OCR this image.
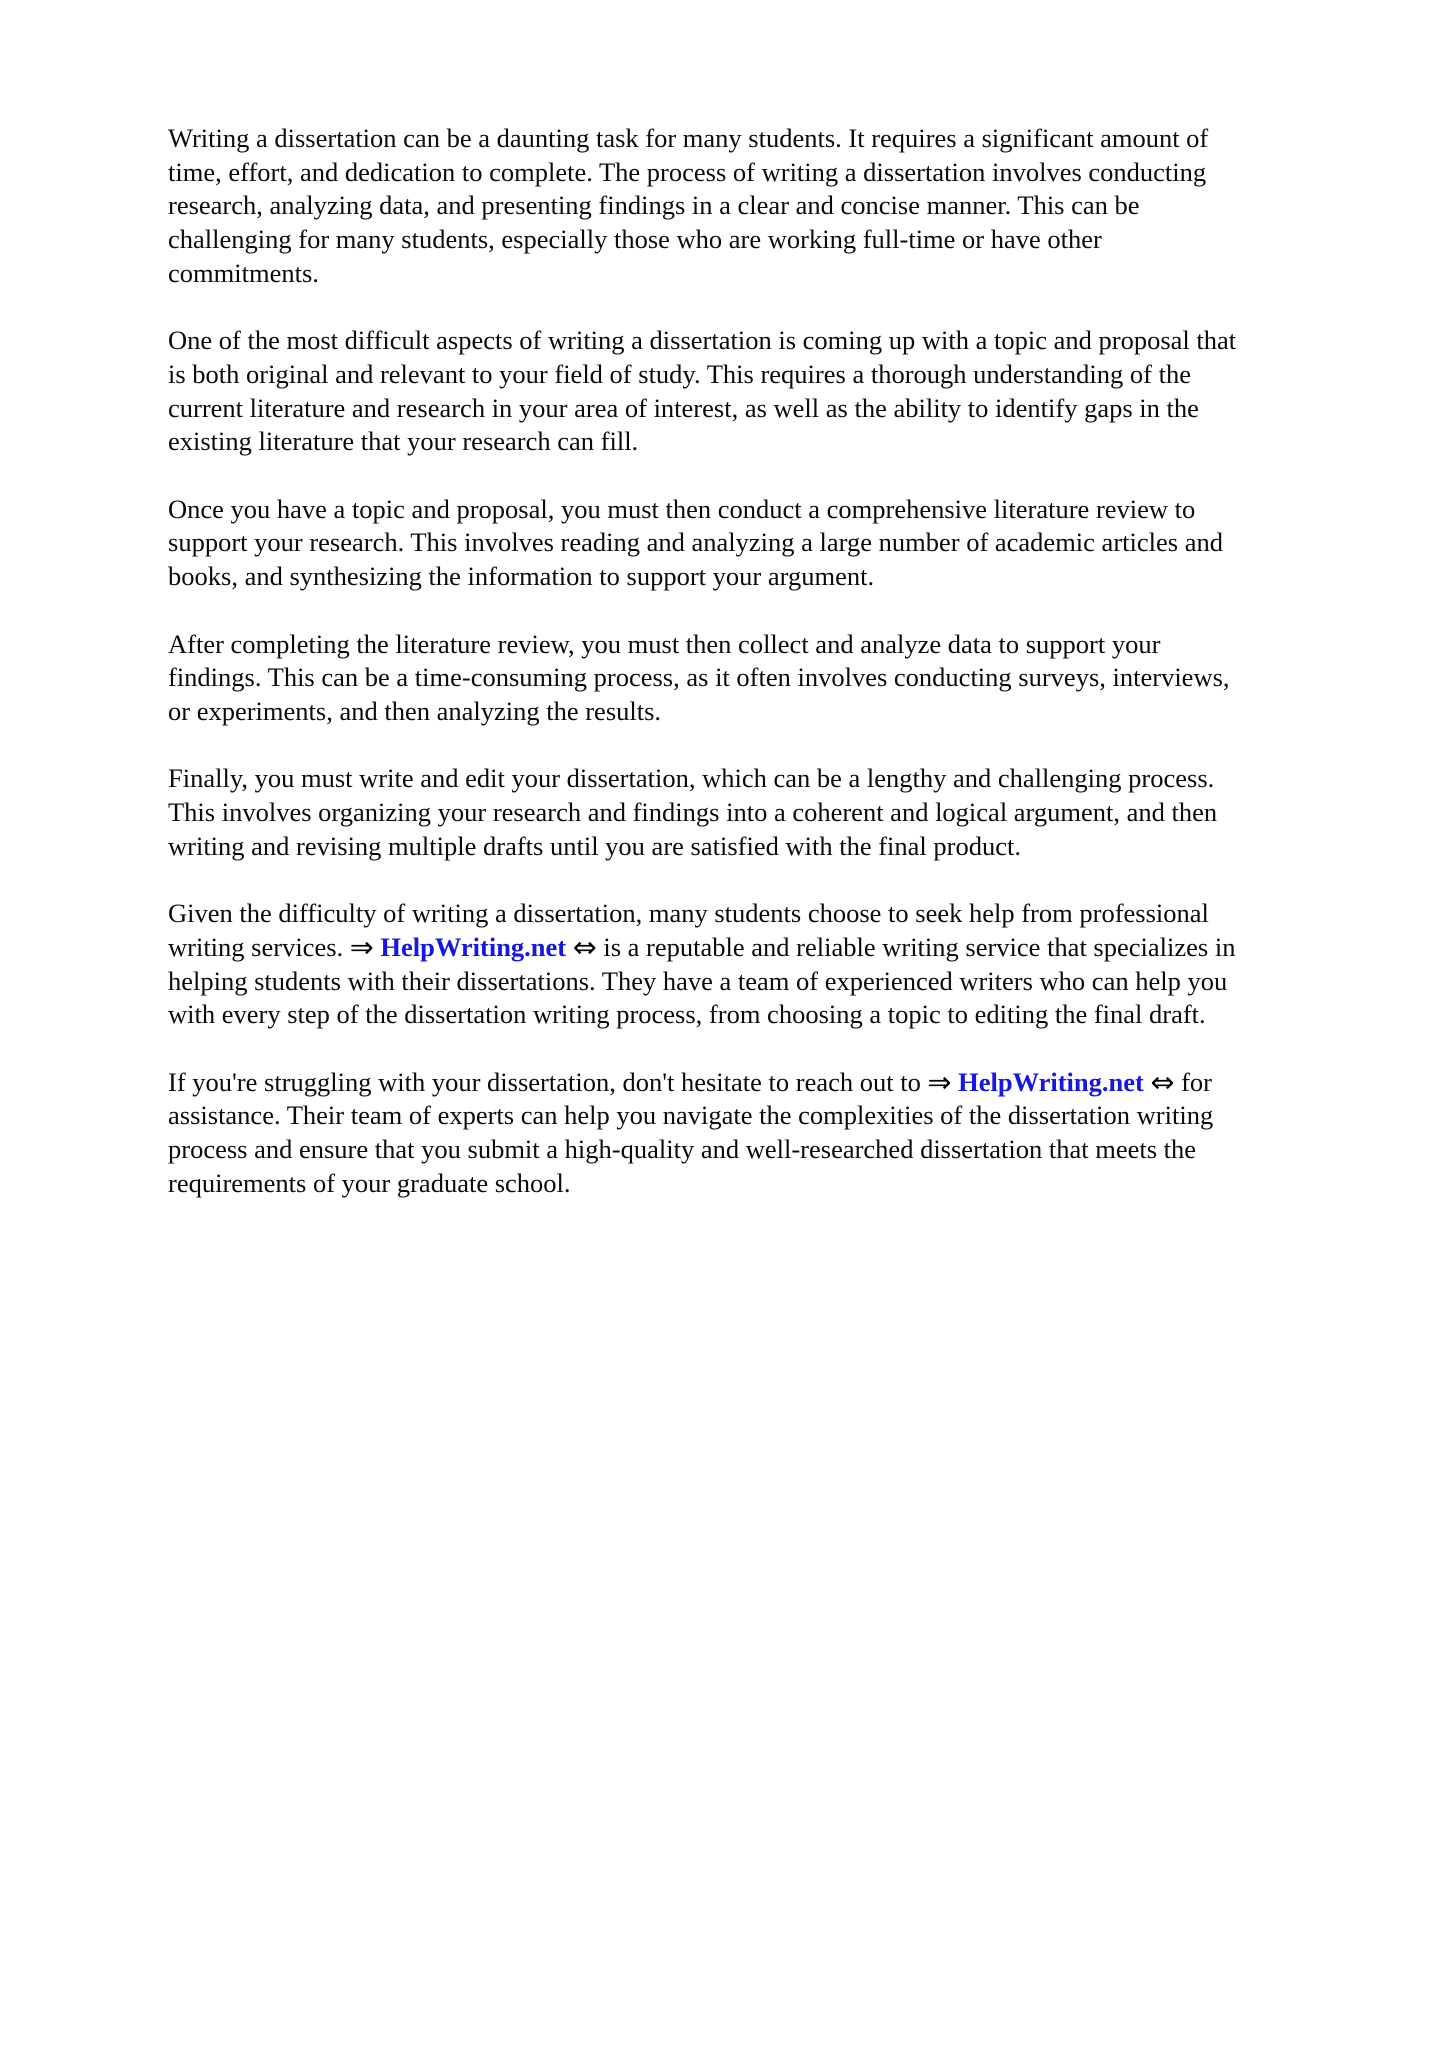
Writing a dissertation can be a daunting task for many students. It requires a significant amount of
time, effort, and dedication to complete. The process of writing a dissertation involves conducting
research, analyzing data, and presenting findings in a clear and concise manner. This can be
challenging for many students, especially those who are working full-time or have other
commitments.

One of the most difficult aspects of writing a dissertation is coming up with a topic and proposal that
is both original and relevant to your field of study. This requires a thorough understanding of the
current literature and research in your area of interest, as well as the ability to identify gaps in the
existing literature that your research can fill.

Once you have a topic and proposal, you must then conduct a comprehensive literature review to
support your research. This involves reading and analyzing a large number of academic articles and
books, and synthesizing the information to support your argument.

After completing the literature review, you must then collect and analyze data to support your
findings. This can be a time-consuming process, as it often involves conducting surveys, interviews,
or experiments, and then analyzing the results.

Finally, you must write and edit your dissertation, which can be a lengthy and challenging process.
This involves organizing your research and findings into a coherent and logical argument, and then
writing and revising multiple drafts until you are satisfied with the final product.

Given the difficulty of writing a dissertation, many students choose to seek help from professional
writing services. ⇒ HelpWriting.net ⇔ is a reputable and reliable writing service that specializes in
helping students with their dissertations. They have a team of experienced writers who can help you
with every step of the dissertation writing process, from choosing a topic to editing the final draft.

If you're struggling with your dissertation, don't hesitate to reach out to ⇒ HelpWriting.net ⇔ for
assistance. Their team of experts can help you navigate the complexities of the dissertation writing
process and ensure that you submit a high-quality and well-researched dissertation that meets the
requirements of your graduate school.
